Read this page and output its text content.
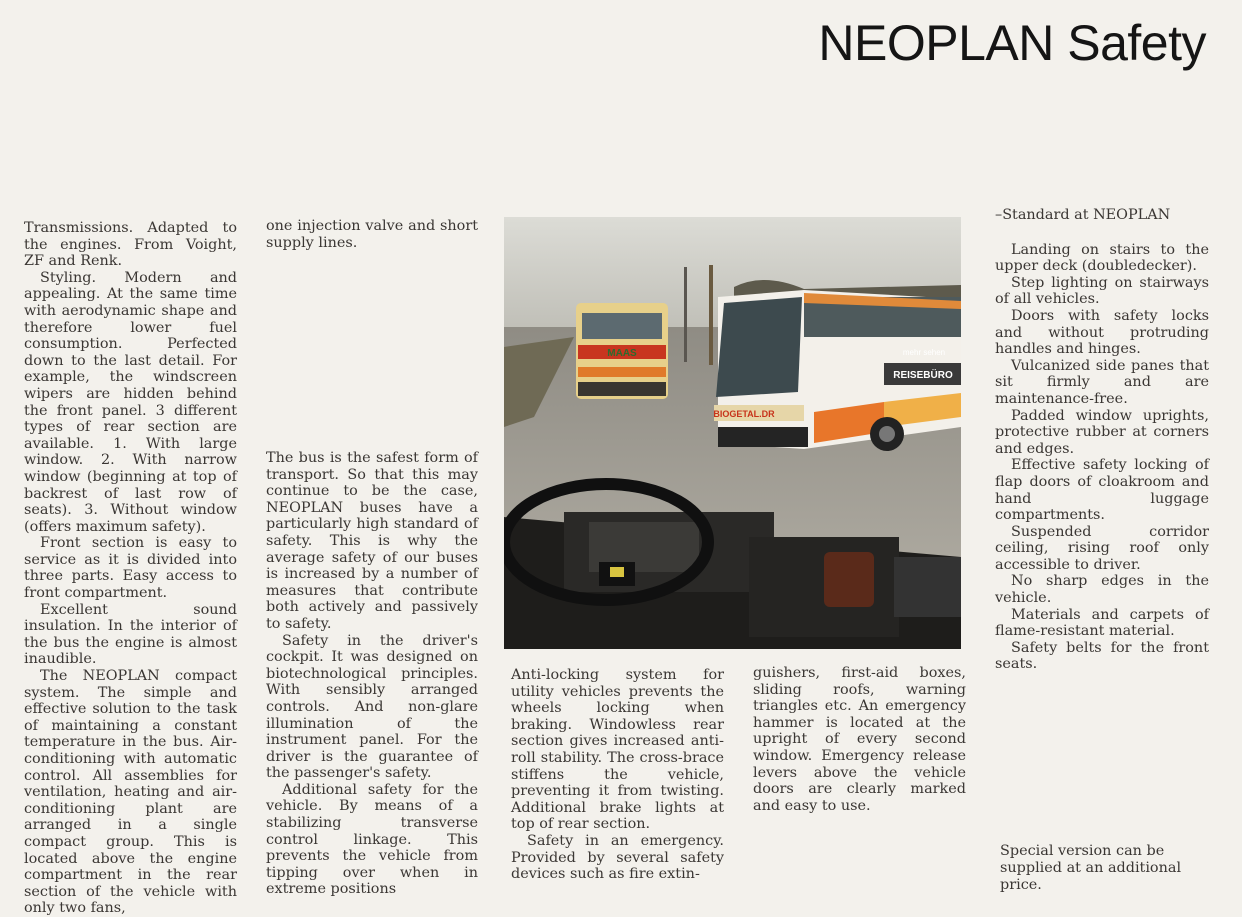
NEOPLAN Safety

Transmissions. Adapted to the engines. From Voight, ZF and Renk.

Styling. Modern and appealing. At the same time with aerodynamic shape and therefore lower fuel consumption. Perfected down to the last detail. For example, the windscreen wipers are hidden behind the front panel. 3 different types of rear section are available. 1. With large window. 2. With narrow window (beginning at top of backrest of last row of seats). 3. Without window (offers maximum safety).

Front section is easy to service as it is divided into three parts. Easy access to front compartment.

Excellent sound insulation. In the interior of the bus the engine is almost inaudible.

The NEOPLAN compact system. The simple and effective solution to the task of maintaining a constant temperature in the bus. Air-conditioning with automatic control. All assemblies for ventilation, heating and air-conditioning plant are arranged in a single compact group. This is located above the engine compartment in the rear section of the vehicle with only two fans,

one injection valve and short supply lines.

The bus is the safest form of transport. So that this may continue to be the case, NEOPLAN buses have a particularly high standard of safety. This is why the average safety of our buses is increased by a number of measures that contribute both actively and passively to safety.

Safety in the driver's cockpit. It was designed on biotechnological principles. With sensibly arranged controls. And non-glare illumination of the instrument panel. For the driver is the guarantee of the passenger's safety.

Additional safety for the vehicle. By means of a stabilizing transverse control linkage. This prevents the vehicle from tipping over when in extreme positions

MAAS
REISEBÜRO
mehr sehen
BIOGETAL.DR

Anti-locking system for utility vehicles prevents the wheels locking when braking. Windowless rear section gives increased anti-roll stability. The cross-brace stiffens the vehicle, preventing it from twisting. Additional brake lights at top of rear section.

Safety in an emergency. Provided by several safety devices such as fire extin-

guishers, first-aid boxes, sliding roofs, warning triangles etc. An emergency hammer is located at the upright of every second window. Emergency release levers above the vehicle doors are clearly marked and easy to use.

–Standard at NEOPLAN

Landing on stairs to the upper deck (doubledecker).

Step lighting on stairways of all vehicles.

Doors with safety locks and without protruding handles and hinges.

Vulcanized side panes that sit firmly and are maintenance-free.

Padded window uprights, protective rubber at corners and edges.

Effective safety locking of flap doors of cloakroom and hand luggage compartments.

Suspended corridor ceiling, rising roof only accessible to driver.

No sharp edges in the vehicle.

Materials and carpets of flame-resistant material.

Safety belts for the front seats.

Special version can be supplied at an additional price.
